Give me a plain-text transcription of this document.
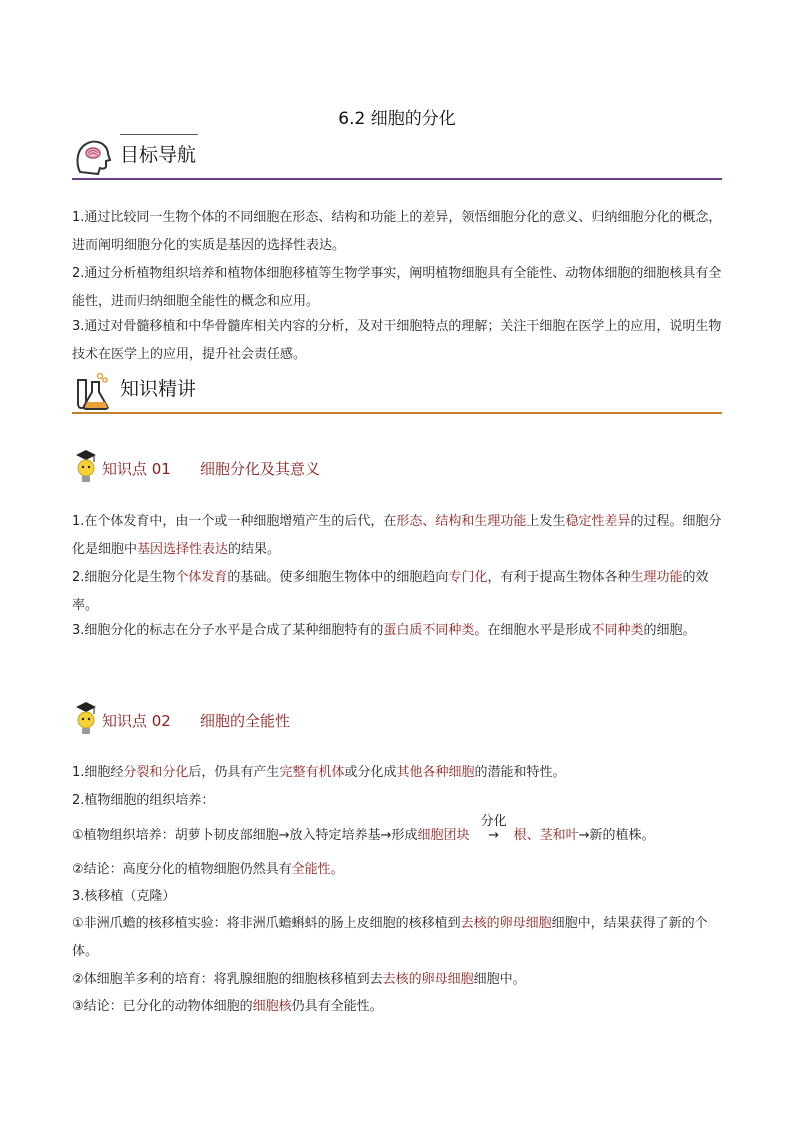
6.2 细胞的分化
目标导航

1.通过比较同一生物个体的不同细胞在形态、结构和功能上的差异，领悟细胞分化的意义、归纳细胞分化的概念，进而阐明细胞分化的实质是基因的选择性表达。

2.通过分析植物组织培养和植物体细胞移植等生物学事实，阐明植物细胞具有全能性、动物体细胞的细胞核具有全能性，进而归纳细胞全能性的概念和应用。

3.通过对骨髓移植和中华骨髓库相关内容的分析，及对干细胞特点的理解；关注干细胞在医学上的应用，说明生物技术在医学上的应用，提升社会责任感。

知识精讲
知识点 01 细胞分化及其意义

1.在个体发育中，由一个或一种细胞增殖产生的后代，在形态、结构和生理功能上发生稳定性差异的过程。细胞分化是细胞中基因选择性表达的结果。

2.细胞分化是生物个体发育的基础。使多细胞生物体中的细胞趋向专门化，有利于提高生物体各种生理功能的效率。

3.细胞分化的标志在分子水平是合成了某种细胞特有的蛋白质不同种类。在细胞水平是形成不同种类的细胞。

知识点 02 细胞的全能性

1.细胞经分裂和分化后，仍具有产生完整有机体或分化成其他各种细胞的潜能和特性。

2.植物细胞的组织培养：

①植物组织培养：胡萝卜韧皮部细胞→放入特定培养基→形成细胞团块
分化
→ 根、茎和叶→新的植株。

②结论：高度分化的植物细胞仍然具有全能性。

3.核移植（克隆）

①非洲爪蟾的核移植实验：将非洲爪蟾蝌蚪的肠上皮细胞的核移植到去核的卵母细胞细胞中，结果获得了新的个体。

②体细胞羊多利的培育：将乳腺细胞的细胞核移植到去去核的卵母细胞细胞中。

③结论：已分化的动物体细胞的细胞核仍具有全能性。
